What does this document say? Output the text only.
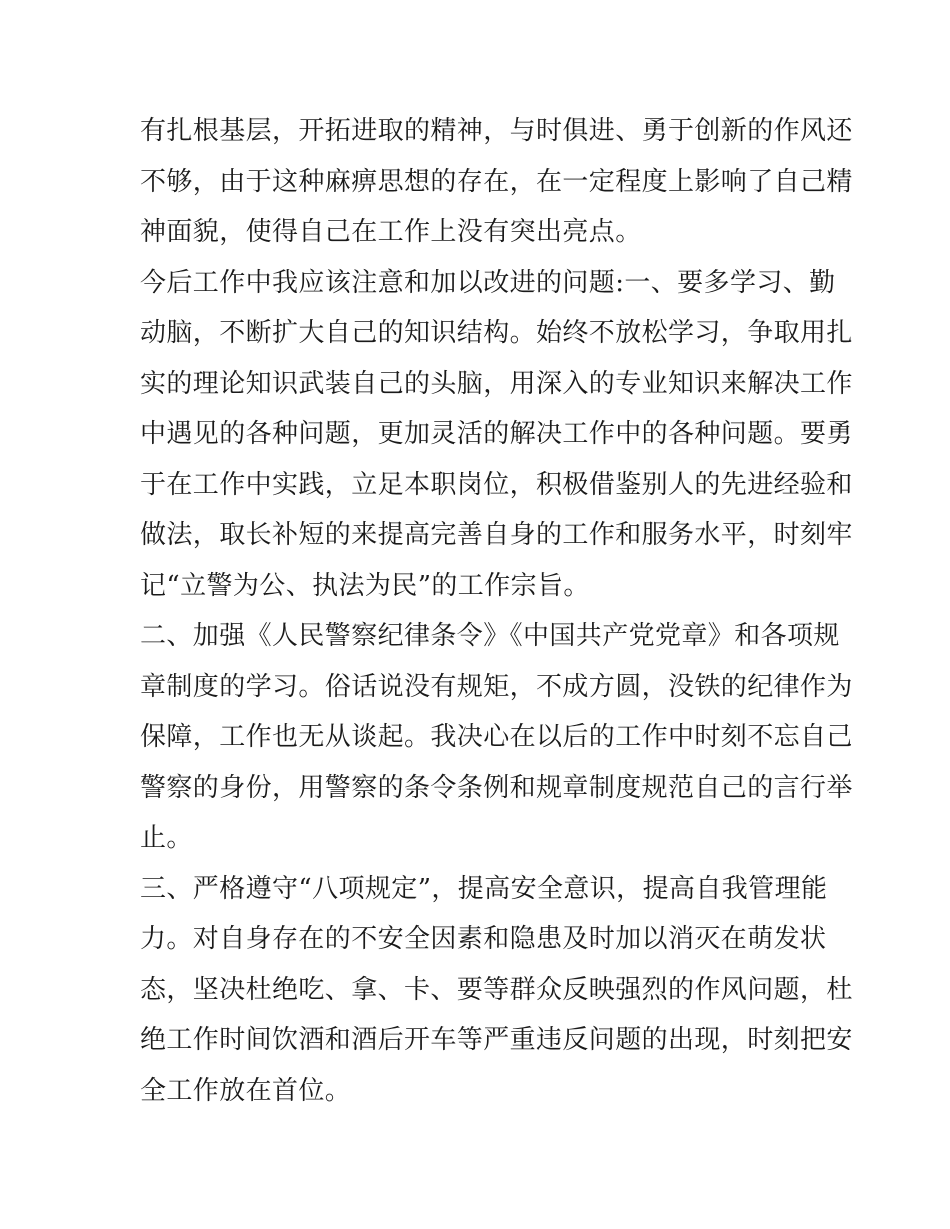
有扎根基层，开拓进取的精神，与时俱进、勇于创新的作风还
不够，由于这种麻痹思想的存在，在一定程度上影响了自己精
神面貌，使得自己在工作上没有突出亮点。
今后工作中我应该注意和加以改进的问题:一、要多学习、勤
动脑，不断扩大自己的知识结构。始终不放松学习，争取用扎
实的理论知识武装自己的头脑，用深入的专业知识来解决工作
中遇见的各种问题，更加灵活的解决工作中的各种问题。要勇
于在工作中实践，立足本职岗位，积极借鉴别人的先进经验和
做法，取长补短的来提高完善自身的工作和服务水平，时刻牢
记“立警为公、执法为民”的工作宗旨。
二、加强《人民警察纪律条令》《中国共产党党章》和各项规
章制度的学习。俗话说没有规矩，不成方圆，没铁的纪律作为
保障，工作也无从谈起。我决心在以后的工作中时刻不忘自己
警察的身份，用警察的条令条例和规章制度规范自己的言行举
止。
三、严格遵守“八项规定”，提高安全意识，提高自我管理能
力。对自身存在的不安全因素和隐患及时加以消灭在萌发状
态，坚决杜绝吃、拿、卡、要等群众反映强烈的作风问题，杜
绝工作时间饮酒和酒后开车等严重违反问题的出现，时刻把安
全工作放在首位。
